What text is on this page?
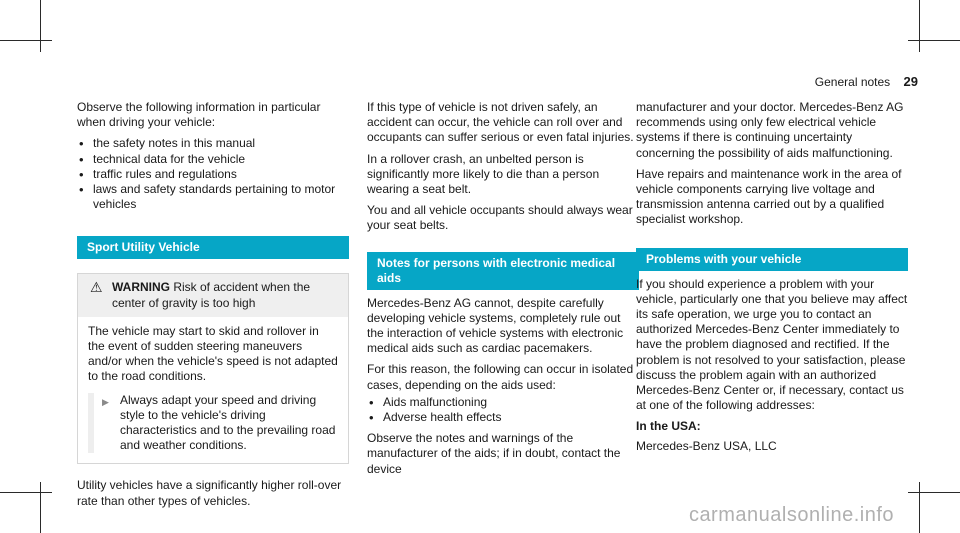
General notes 29

Observe the following information in particular when driving your vehicle:

• the safety notes in this manual
• technical data for the vehicle
• traffic rules and regulations
• laws and safety standards pertaining to motor vehicles
Sport Utility Vehicle
⚠ WARNING Risk of accident when the center of gravity is too high
The vehicle may start to skid and rollover in the event of sudden steering maneuvers and/or when the vehicle's speed is not adapted to the road conditions.
▶ Always adapt your speed and driving style to the vehicle's driving characteristics and to the prevailing road and weather conditions.

Utility vehicles have a significantly higher roll-over rate than other types of vehicles.

If this type of vehicle is not driven safely, an accident can occur, the vehicle can roll over and occupants can suffer serious or even fatal injuries.

In a rollover crash, an unbelted person is significantly more likely to die than a person wearing a seat belt.

You and all vehicle occupants should always wear your seat belts.

Notes for persons with electronic medical aids

Mercedes-Benz AG cannot, despite carefully developing vehicle systems, completely rule out the interaction of vehicle systems with electronic medical aids such as cardiac pacemakers.

For this reason, the following can occur in isolated cases, depending on the aids used:

• Aids malfunctioning
• Adverse health effects

Observe the notes and warnings of the manufacturer of the aids; if in doubt, contact the device

manufacturer and your doctor. Mercedes-Benz AG recommends using only few electrical vehicle systems if there is continuing uncertainty concerning the possibility of aids malfunctioning.

Have repairs and maintenance work in the area of vehicle components carrying live voltage and transmission antenna carried out by a qualified specialist workshop.

Problems with your vehicle

If you should experience a problem with your vehicle, particularly one that you believe may affect its safe operation, we urge you to contact an authorized Mercedes-Benz Center immediately to have the problem diagnosed and rectified. If the problem is not resolved to your satisfaction, please discuss the problem again with an authorized Mercedes-Benz Center or, if necessary, contact us at one of the following addresses:

In the USA:

Mercedes-Benz USA, LLC

carmanualsonline.info
